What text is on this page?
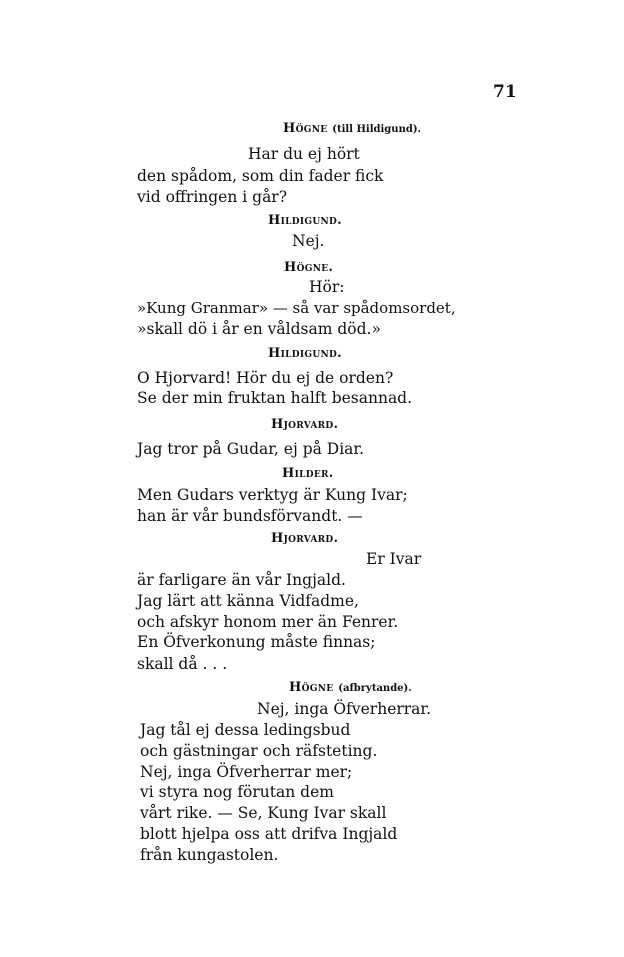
71
Högne (till Hildigund).
Har du ej hört
den spådom, som din fader fick
vid offringen i går?
Hildigund.
Nej.
Högne.
Hör:
»Kung Granmar» — så var spådomsordet,
»skall dö i år en våldsam död.»
Hildigund.
O Hjorvard! Hör du ej de orden?
Se der min fruktan halft besannad.
Hjorvard.
Jag tror på Gudar, ej på Diar.
Hilder.
Men Gudars verktyg är Kung Ivar;
han är vår bundsförvandt. —
Hjorvard.
Er Ivar
är farligare än vår Ingjald.
Jag lärt att känna Vidfadme,
och afskyr honom mer än Fenrer.
En Öfverkonung måste finnas;
skall då . . .
Högne (afbrytande).
Nej, inga Öfverherrar.
Jag tål ej dessa ledingsbud
och gästningar och räfsteting.
Nej, inga Öfverherrar mer;
vi styra nog förutan dem
vårt rike. — Se, Kung Ivar skall
blott hjelpa oss att drifva Ingjald
från kungastolen.
